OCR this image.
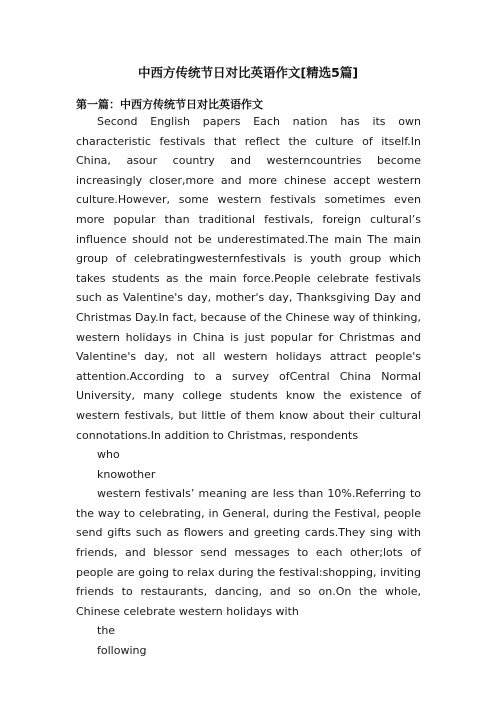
中西方传统节日对比英语作文[精选5篇]
第一篇：中西方传统节日对比英语作文

Second English papers Each nation has its own characteristic festivals that reflect the culture of itself.In China, asour country and westerncountries become increasingly closer,more and more chinese accept western culture.However, some western festivals sometimes even more popular than traditional festivals, foreign cultural’s influence should not be underestimated.The main The main group of celebratingwesternfestivals is youth group which takes students as the main force.People celebrate festivals such as Valentine's day, mother's day, Thanksgiving Day and Christmas Day.In fact, because of the Chinese way of thinking, western holidays in China is just popular for Christmas and Valentine's day, not all western holidays attract people's attention.According to a survey ofCentral China Normal University, many college students know the existence of western festivals, but little of them know about their cultural connotations.In addition to Christmas, respondents

who

knowother

western festivals’ meaning are less than 10%.Referring to the way to celebrating, in General, during the Festival, people send gifts such as flowers and greeting cards.They sing with friends, and blessor send messages to each other;lots of people are going to relax during the festival:shopping, inviting friends to restaurants, dancing, and so on.On the whole, Chinese celebrate western holidays with

the

following
